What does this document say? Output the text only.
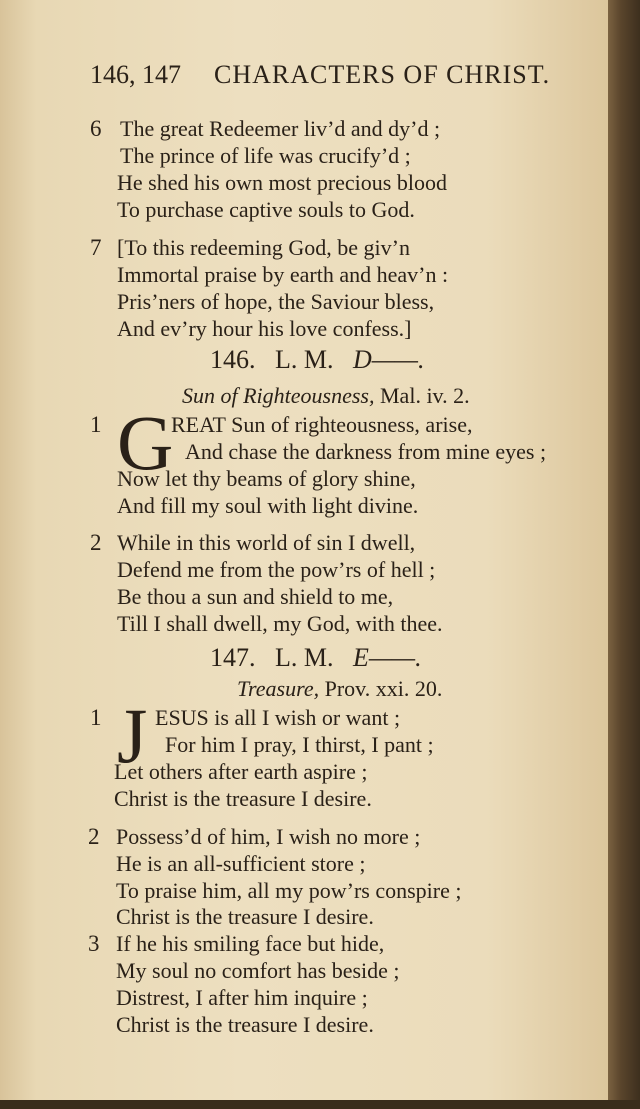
146, 147 CHARACTERS OF CHRIST.
6 The great Redeemer liv’d and dy’d ;
The prince of life was crucify’d ;
He shed his own most precious blood
To purchase captive souls to God.
7 [To this redeeming God, be giv’n
Immortal praise by earth and heav’n :
Pris’ners of hope, the Saviour bless,
And ev’ry hour his love confess.]
146. L. M. D——.
Sun of Righteousness, Mal. iv. 2.
1 G
REAT Sun of righteousness, arise,
And chase the darkness from mine eyes ;
Now let thy beams of glory shine,
And fill my soul with light divine.
2 While in this world of sin I dwell,
Defend me from the pow’rs of hell ;
Be thou a sun and shield to me,
Till I shall dwell, my God, with thee.
147. L. M. E——.
Treasure, Prov. xxi. 20.
1 J ESUS is all I wish or want ;
For him I pray, I thirst, I pant ;
Let others after earth aspire ;
Christ is the treasure I desire.
2 Possess’d of him, I wish no more ;
He is an all-sufficient store ;
To praise him, all my pow’rs conspire ;
Christ is the treasure I desire.
3 If he his smiling face but hide,
My soul no comfort has beside ;
Distrest, I after him inquire ;
Christ is the treasure I desire.
